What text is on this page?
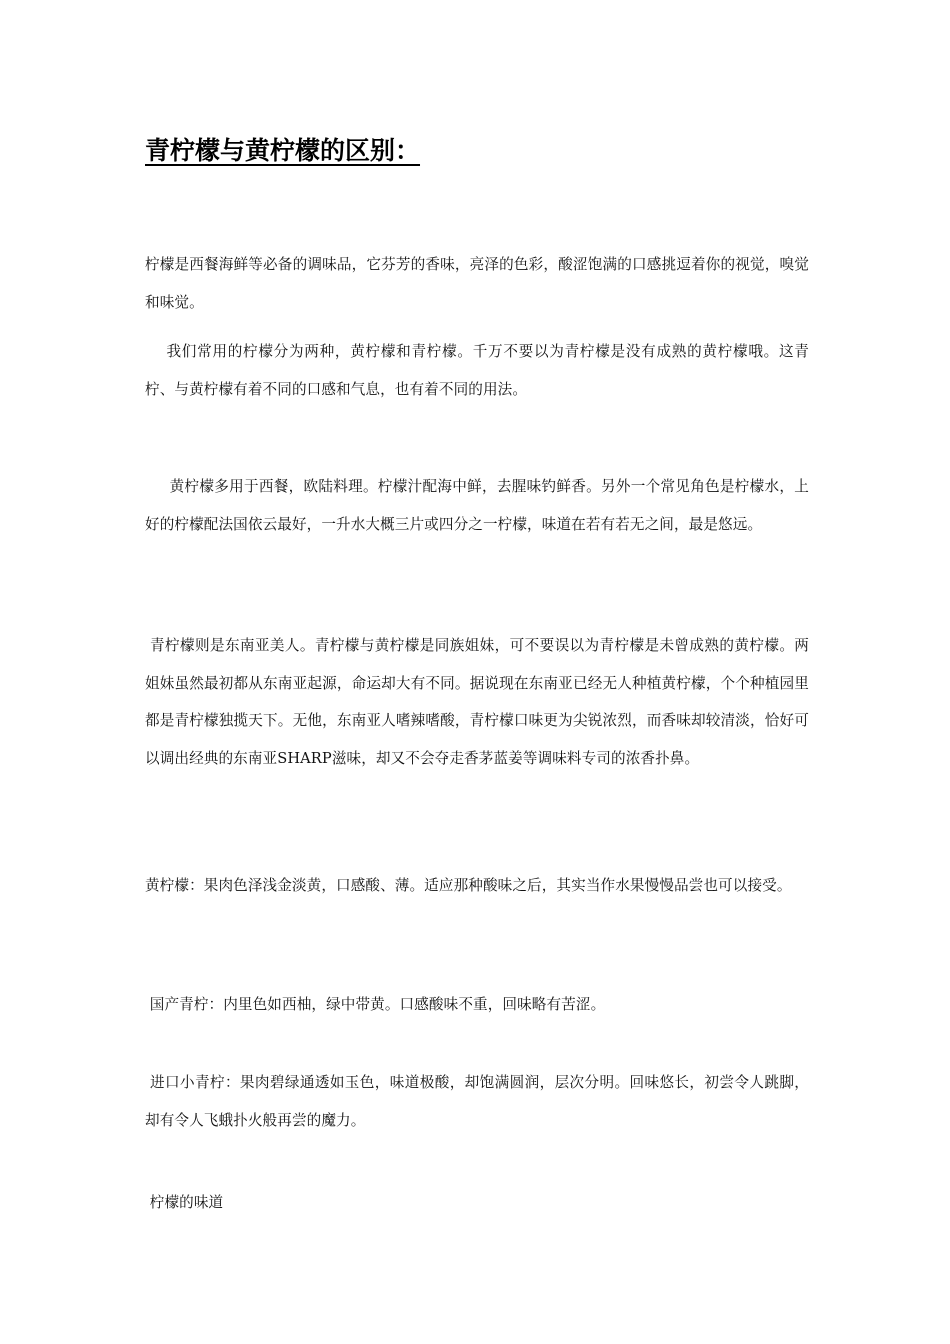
青柠檬与黄柠檬的区别：

柠檬是西餐海鲜等必备的调味品，它芬芳的香味，亮泽的色彩，酸涩饱满的口感挑逗着你的视觉，嗅觉和味觉。

我们常用的柠檬分为两种，黄柠檬和青柠檬。千万不要以为青柠檬是没有成熟的黄柠檬哦。这青柠、与黄柠檬有着不同的口感和气息，也有着不同的用法。

黄柠檬多用于西餐，欧陆料理。柠檬汁配海中鲜，去腥味钓鲜香。另外一个常见角色是柠檬水，上好的柠檬配法国依云最好，一升水大概三片或四分之一柠檬，味道在若有若无之间，最是悠远。

青柠檬则是东南亚美人。青柠檬与黄柠檬是同族姐妹，可不要误以为青柠檬是未曾成熟的黄柠檬。两姐妹虽然最初都从东南亚起源，命运却大有不同。据说现在东南亚已经无人种植黄柠檬，个个种植园里都是青柠檬独揽天下。无他，东南亚人嗜辣嗜酸，青柠檬口味更为尖锐浓烈，而香味却较清淡，恰好可以调出经典的东南亚SHARP滋味，却又不会夺走香茅蓝姜等调味料专司的浓香扑鼻。

黄柠檬：果肉色泽浅金淡黄，口感酸、薄。适应那种酸味之后，其实当作水果慢慢品尝也可以接受。

国产青柠：内里色如西柚，绿中带黄。口感酸味不重，回味略有苦涩。

进口小青柠：果肉碧绿通透如玉色，味道极酸，却饱满圆润，层次分明。回味悠长，初尝令人跳脚，却有令人飞蛾扑火般再尝的魔力。

柠檬的味道
